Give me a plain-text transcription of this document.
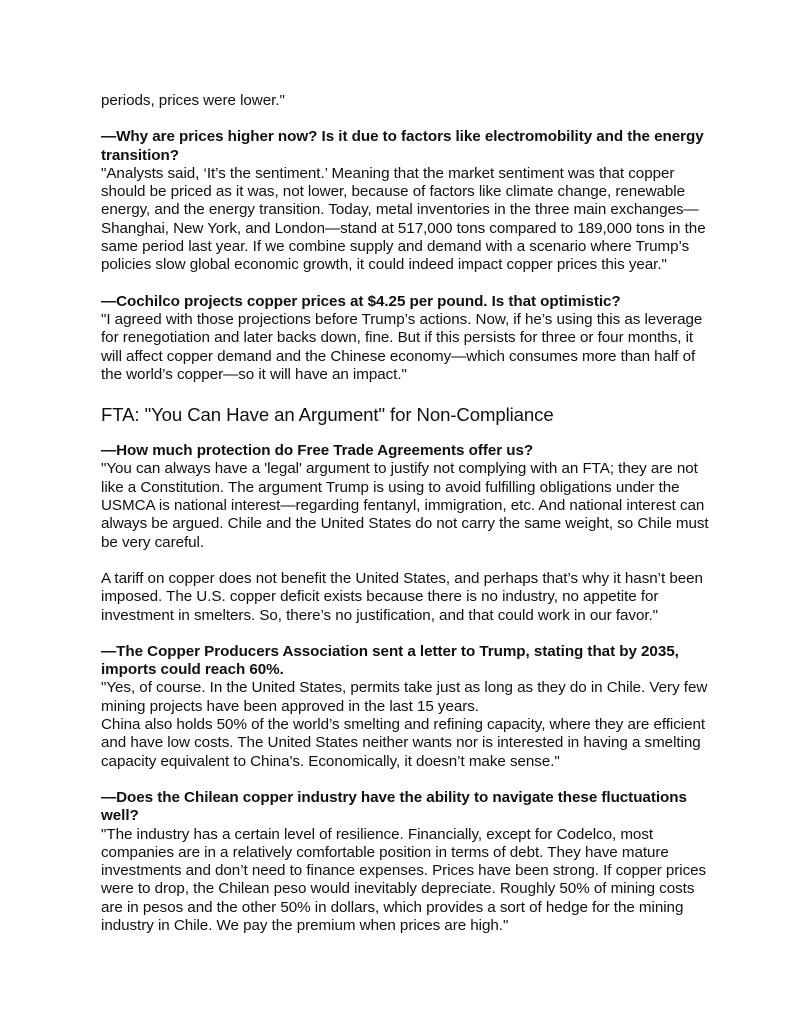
periods, prices were lower."

—Why are prices higher now? Is it due to factors like electromobility and the energy transition?

"Analysts said, ‘It’s the sentiment.’ Meaning that the market sentiment was that copper should be priced as it was, not lower, because of factors like climate change, renewable energy, and the energy transition. Today, metal inventories in the three main exchanges—Shanghai, New York, and London—stand at 517,000 tons compared to 189,000 tons in the same period last year. If we combine supply and demand with a scenario where Trump’s policies slow global economic growth, it could indeed impact copper prices this year."

—Cochilco projects copper prices at $4.25 per pound. Is that optimistic?

"I agreed with those projections before Trump’s actions. Now, if he’s using this as leverage for renegotiation and later backs down, fine. But if this persists for three or four months, it will affect copper demand and the Chinese economy—which consumes more than half of the world’s copper—so it will have an impact."

FTA: "You Can Have an Argument" for Non-Compliance

—How much protection do Free Trade Agreements offer us?

"You can always have a 'legal' argument to justify not complying with an FTA; they are not like a Constitution. The argument Trump is using to avoid fulfilling obligations under the USMCA is national interest—regarding fentanyl, immigration, etc. And national interest can always be argued. Chile and the United States do not carry the same weight, so Chile must be very careful.

A tariff on copper does not benefit the United States, and perhaps that’s why it hasn’t been imposed. The U.S. copper deficit exists because there is no industry, no appetite for investment in smelters. So, there’s no justification, and that could work in our favor."

—The Copper Producers Association sent a letter to Trump, stating that by 2035, imports could reach 60%.

"Yes, of course. In the United States, permits take just as long as they do in Chile. Very few mining projects have been approved in the last 15 years.

China also holds 50% of the world’s smelting and refining capacity, where they are efficient and have low costs. The United States neither wants nor is interested in having a smelting capacity equivalent to China's. Economically, it doesn’t make sense."

—Does the Chilean copper industry have the ability to navigate these fluctuations well?

"The industry has a certain level of resilience. Financially, except for Codelco, most companies are in a relatively comfortable position in terms of debt. They have mature investments and don’t need to finance expenses. Prices have been strong. If copper prices were to drop, the Chilean peso would inevitably depreciate. Roughly 50% of mining costs are in pesos and the other 50% in dollars, which provides a sort of hedge for the mining industry in Chile. We pay the premium when prices are high."
